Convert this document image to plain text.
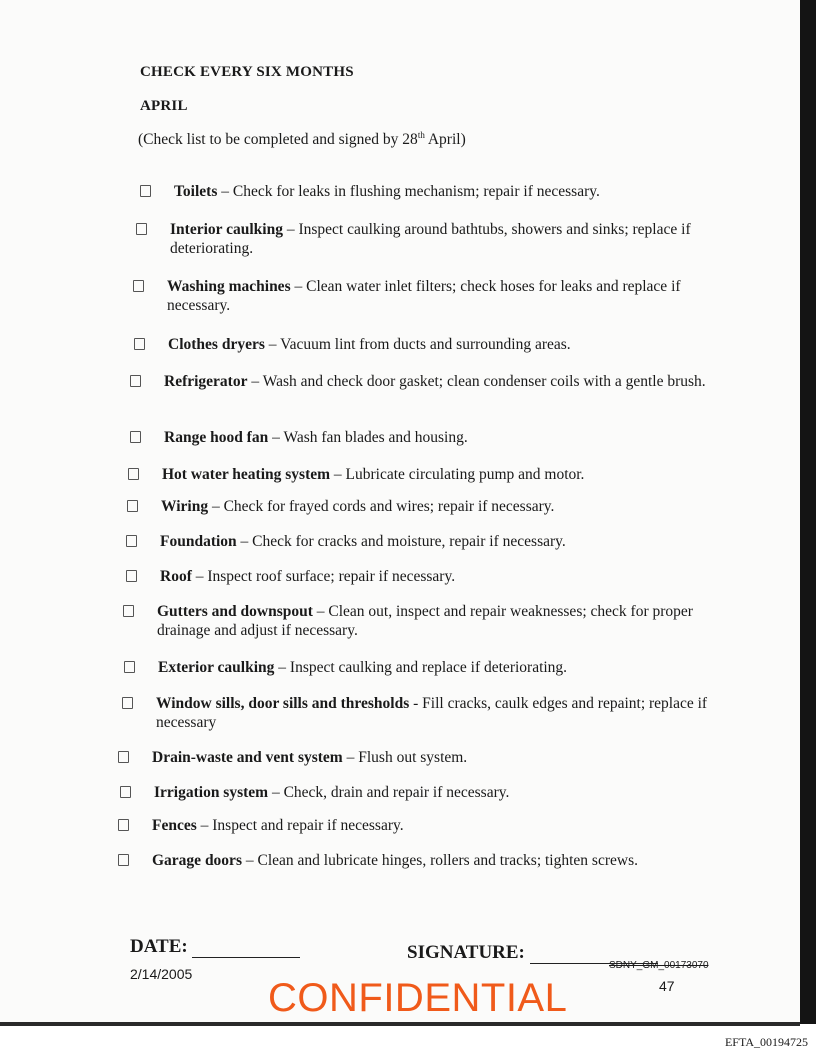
CHECK EVERY SIX MONTHS
APRIL
(Check list to be completed and signed by 28th April)
Toilets – Check for leaks in flushing mechanism; repair if necessary.
Interior caulking – Inspect caulking around bathtubs, showers and sinks; replace if deteriorating.
Washing machines – Clean water inlet filters; check hoses for leaks and replace if necessary.
Clothes dryers – Vacuum lint from ducts and surrounding areas.
Refrigerator – Wash and check door gasket; clean condenser coils with a gentle brush.
Range hood fan – Wash fan blades and housing.
Hot water heating system – Lubricate circulating pump and motor.
Wiring – Check for frayed cords and wires; repair if necessary.
Foundation – Check for cracks and moisture, repair if necessary.
Roof – Inspect roof surface; repair if necessary.
Gutters and downspout – Clean out, inspect and repair weaknesses; check for proper drainage and adjust if necessary.
Exterior caulking – Inspect caulking and replace if deteriorating.
Window sills, door sills and thresholds - Fill cracks, caulk edges and repaint; replace if necessary
Drain-waste and vent system – Flush out system.
Irrigation system – Check, drain and repair if necessary.
Fences – Inspect and repair if necessary.
Garage doors – Clean and lubricate hinges, rollers and tracks; tighten screws.
DATE:	SIGNATURE:
SDNY_GM_00173070
2/14/2005
47
CONFIDENTIAL
EFTA_00194725
